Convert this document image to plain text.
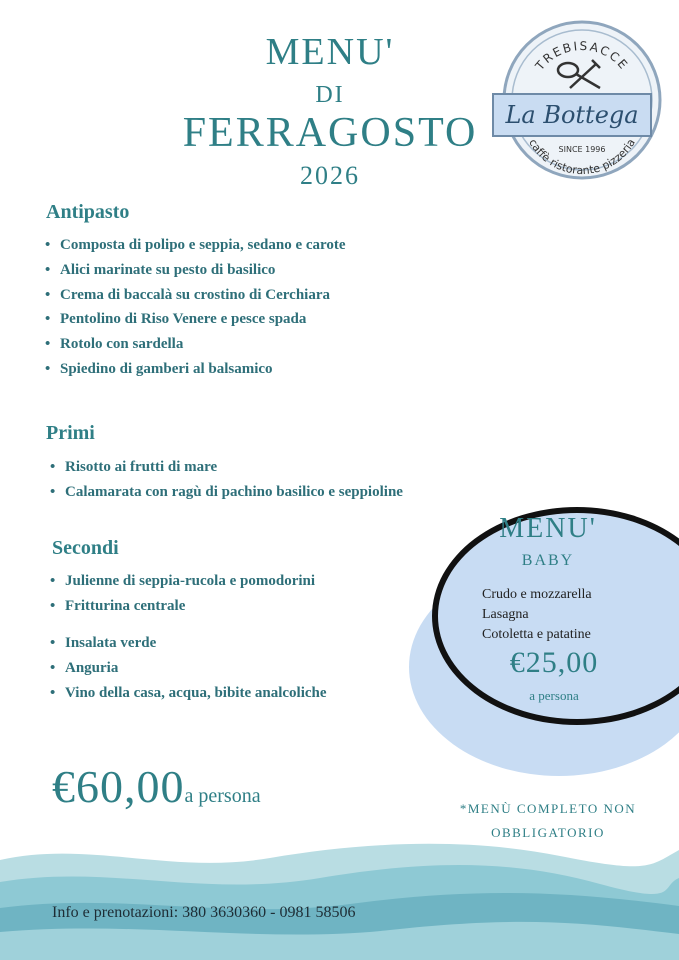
MENU'
DI
FERRAGOSTO
2026
TREBISACCE
SINCE 1996
caffè ristorante pizzeria
La Bottega
Antipasto
• Composta di polipo e seppia, sedano e carote
• Alici marinate su pesto di basilico
• Crema di baccalà su crostino di Cerchiara
• Pentolino di Riso Venere e pesce spada
• Rotolo con sardella
• Spiedino di gamberi al balsamico
Primi
• Risotto ai frutti di mare
• Calamarata con ragù di pachino basilico e seppioline
Secondi
• Julienne di seppia-rucola e pomodorini
• Fritturina centrale
• Insalata verde
• Anguria
• Vino della casa, acqua, bibite analcoliche
MENU'
BABY
Crudo e mozzarella
Lasagna
Cotoletta e patatine
€25,00
a persona
€60,00a persona
*MENÙ COMPLETO NON
OBBLIGATORIO
Info e prenotazioni: 380 3630360 - 0981 58506
